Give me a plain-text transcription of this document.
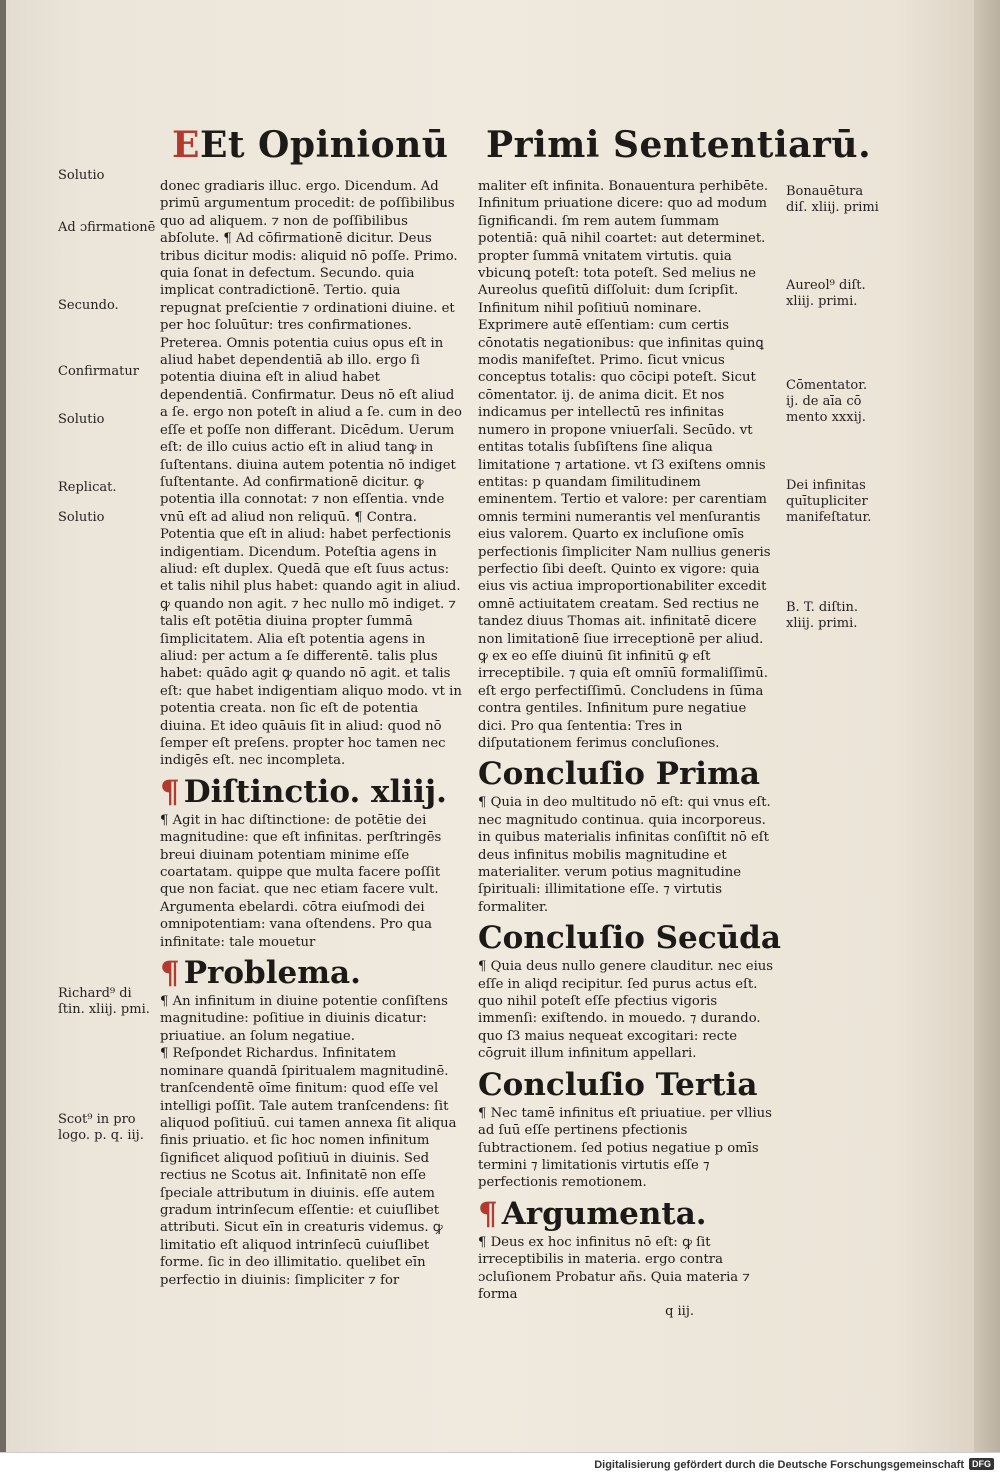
EEt Opinionū Primi Sententiarū.
Solutio
Ad ɔfirmationē
Secundo.
Confirmatur
Solutio
Replicat.
Solutio
Richard⁹ di ſtin. xliij. pmi.
Scot⁹ in pro logo. p. q. iij.
Bonauētura diſ. xliij. primi
Aureol⁹ diſt. xliij. primi.
Cōmentator. ij. de aīa cō mento xxxij.
Dei infinitas quītupliciter manifeſtatur.
B. T. diſtin. xliij. primi.

donec gradiaris illuc. ergo. Dicendum. Ad primū argumentum procedit: de poſſibilibus quo ad aliquem. ⁊ non de poſſibilibus abſolute. ¶ Ad cōfirmationē dicitur. Deus tribus dicitur modis: aliquid nō poſſe. Primo. quia ſonat in defectum. Secundo. quia implicat contradictionē. Tertio. quia repugnat preſcientie ⁊ ordinationi diuine. et per hoc ſoluūtur: tres confirmationes. Preterea. Omnis potentia cuius opus eſt in aliud habet dependentiā ab illo. ergo ſi potentia diuina eſt in aliud habet dependentiā. Confirmatur. Deus nō eſt aliud a ſe. ergo non poteſt in aliud a ſe. cum in deo eſſe et poſſe non differant. Dicēdum. Uerum eſt: de illo cuius actio eſt in aliud tanꝙ in ſuſtentans. diuina autem potentia nō indiget ſuſtentante. Ad confirmationē dicitur. ꝙ potentia illa connotat: ⁊ non eſſentia. vnde vnū eſt ad aliud non reliquū. ¶ Contra. Potentia que eſt in aliud: habet perfectionis indigentiam. Dicendum. Poteſtia agens in aliud: eſt duplex. Quedā que eſt ſuus actus: et talis nihil plus habet: quando agit in aliud. ꝙ quando non agit. ⁊ hec nullo mō indiget. ⁊ talis eſt potētia diuina propter ſummā ſimplicitatem. Alia eſt potentia agens in aliud: per actum a ſe differentē. talis plus habet: quādo agit ꝙ quando nō agit. et talis eſt: que habet indigentiam aliquo modo. vt in potentia creata. non ſic eſt de potentia diuina. Et ideo quāuis ſit in aliud: quod nō ſemper eſt preſens. propter hoc tamen nec indigēs eſt. nec incompleta.

¶ Diſtinctio. xliij.

¶ Agit in hac diſtinctione: de potētie dei magnitudine: que eſt infinitas. perſtringēs breui diuinam potentiam minime eſſe coartatam. quippe que multa facere poſſit que non faciat. que nec etiam facere vult. Argumenta ebelardi. cōtra eiuſmodi dei omnipotentiam: vana oſtendens. Pro qua infinitate: tale mouetur

¶ Problema.

¶ An infinitum in diuine potentie conſiſtens magnitudine: poſitiue in diuinis dicatur: priuatiue. an ſolum negatiue.

¶ Reſpondet Richardus. Infinitatem nominare quandā ſpiritualem magnitudinē. tranſcendentē oīme finitum: quod eſſe vel intelligi poſſit. Tale autem tranſcendens: ſit aliquod poſitiuū. cui tamen annexa ſit aliqua finis priuatio. et ſic hoc nomen infinitum ſignificet aliquod poſitiuū in diuinis. Sed rectius ne Scotus ait. Infinitatē non eſſe ſpeciale attributum in diuinis. eſſe autem gradum intrinſecum eſſentie: et cuiuſlibet attributi. Sicut eīn in creaturis videmus. ꝙ limitatio eſt aliquod intrinſecū cuiuſlibet forme. ſic in deo illimitatio. quelibet eīn perfectio in diuinis: ſimpliciter ⁊ for

maliter eſt infinita. Bonauentura perhibēte. Infinitum priuatione dicere: quo ad modum ſignificandi. ſm rem autem ſummam potentiā: quā nihil coartet: aut determinet. propter ſummā vnitatem virtutis. quia vbicunꝗ poteſt: tota poteſt. Sed melius ne Aureolus queſitū diſſoluit: dum ſcripſit. Infinitum nihil poſitiuū nominare. Exprimere autē eſſentiam: cum certis cōnotatis negationibus: que infinitas quinꝗ modis manifeſtet. Primo. ſicut vnicus conceptus totalis: quo cōcipi poteſt. Sicut cōmentator. ij. de anima dicit. Et nos indicamus per intellectū res infinitas numero in propone vniuerſali. Secūdo. vt entitas totalis ſubſiſtens ſine aliqua limitatione ⁊ artatione. vt ſ3 exiſtens omnis entitas: p quandam ſimilitudinem eminentem. Tertio et valore: per carentiam omnis termini numerantis vel menſurantis eius valorem. Quarto ex incluſione omīs perfectionis ſimpliciter Nam nullius generis perfectio ſibi deeſt. Quinto ex vigore: quia eius vis actiua improportionabiliter excedit omnē actiuitatem creatam. Sed rectius ne tandez diuus Thomas ait. infinitatē dicere non limitationē ſiue irreceptionē per aliud. ꝙ ex eo eſſe diuinū ſit infinitū ꝙ eſt irreceptibile. ⁊ quia eſt omnīū formaliſſimū. eſt ergo perfectiſſimū. Concludens in ſūma contra gentiles. Infinitum pure negatiue dici. Pro qua ſententia: Tres in diſputationem ferimus concluſiones.

Concluſio Prima

¶ Quia in deo multitudo nō eſt: qui vnus eſt. nec magnitudo continua. quia incorporeus. in quibus materialis infinitas conſiſtit nō eſt deus infinitus mobilis magnitudine et materialiter. verum potius magnitudine ſpirituali: illimitatione eſſe. ⁊ virtutis formaliter.

Concluſio Secūda

¶ Quia deus nullo genere clauditur. nec eius eſſe in aliqd recipitur. ſed purus actus eſt. quo nihil poteſt eſſe pfectius vigoris immenſi: exiſtendo. in mouedo. ⁊ durando. quo ſ3 maius nequeat excogitari: recte cōgruit illum infinitum appellari.

Concluſio Tertia

¶ Nec tamē infinitus eſt priuatiue. per vllius ad ſuū eſſe pertinens pfectionis ſubtractionem. ſed potius negatiue p omīs termini ⁊ limitationis virtutis eſſe ⁊ perfectionis remotionem.

¶ Argumenta.

¶ Deus ex hoc infinitus nō eſt: ꝙ ſit irreceptibilis in materia. ergo contra ɔcluſionem Probatur añs. Quia materia ⁊ forma

q iij.

Digitalisierung gefördert durch die Deutsche Forschungsgemeinschaft DFG
